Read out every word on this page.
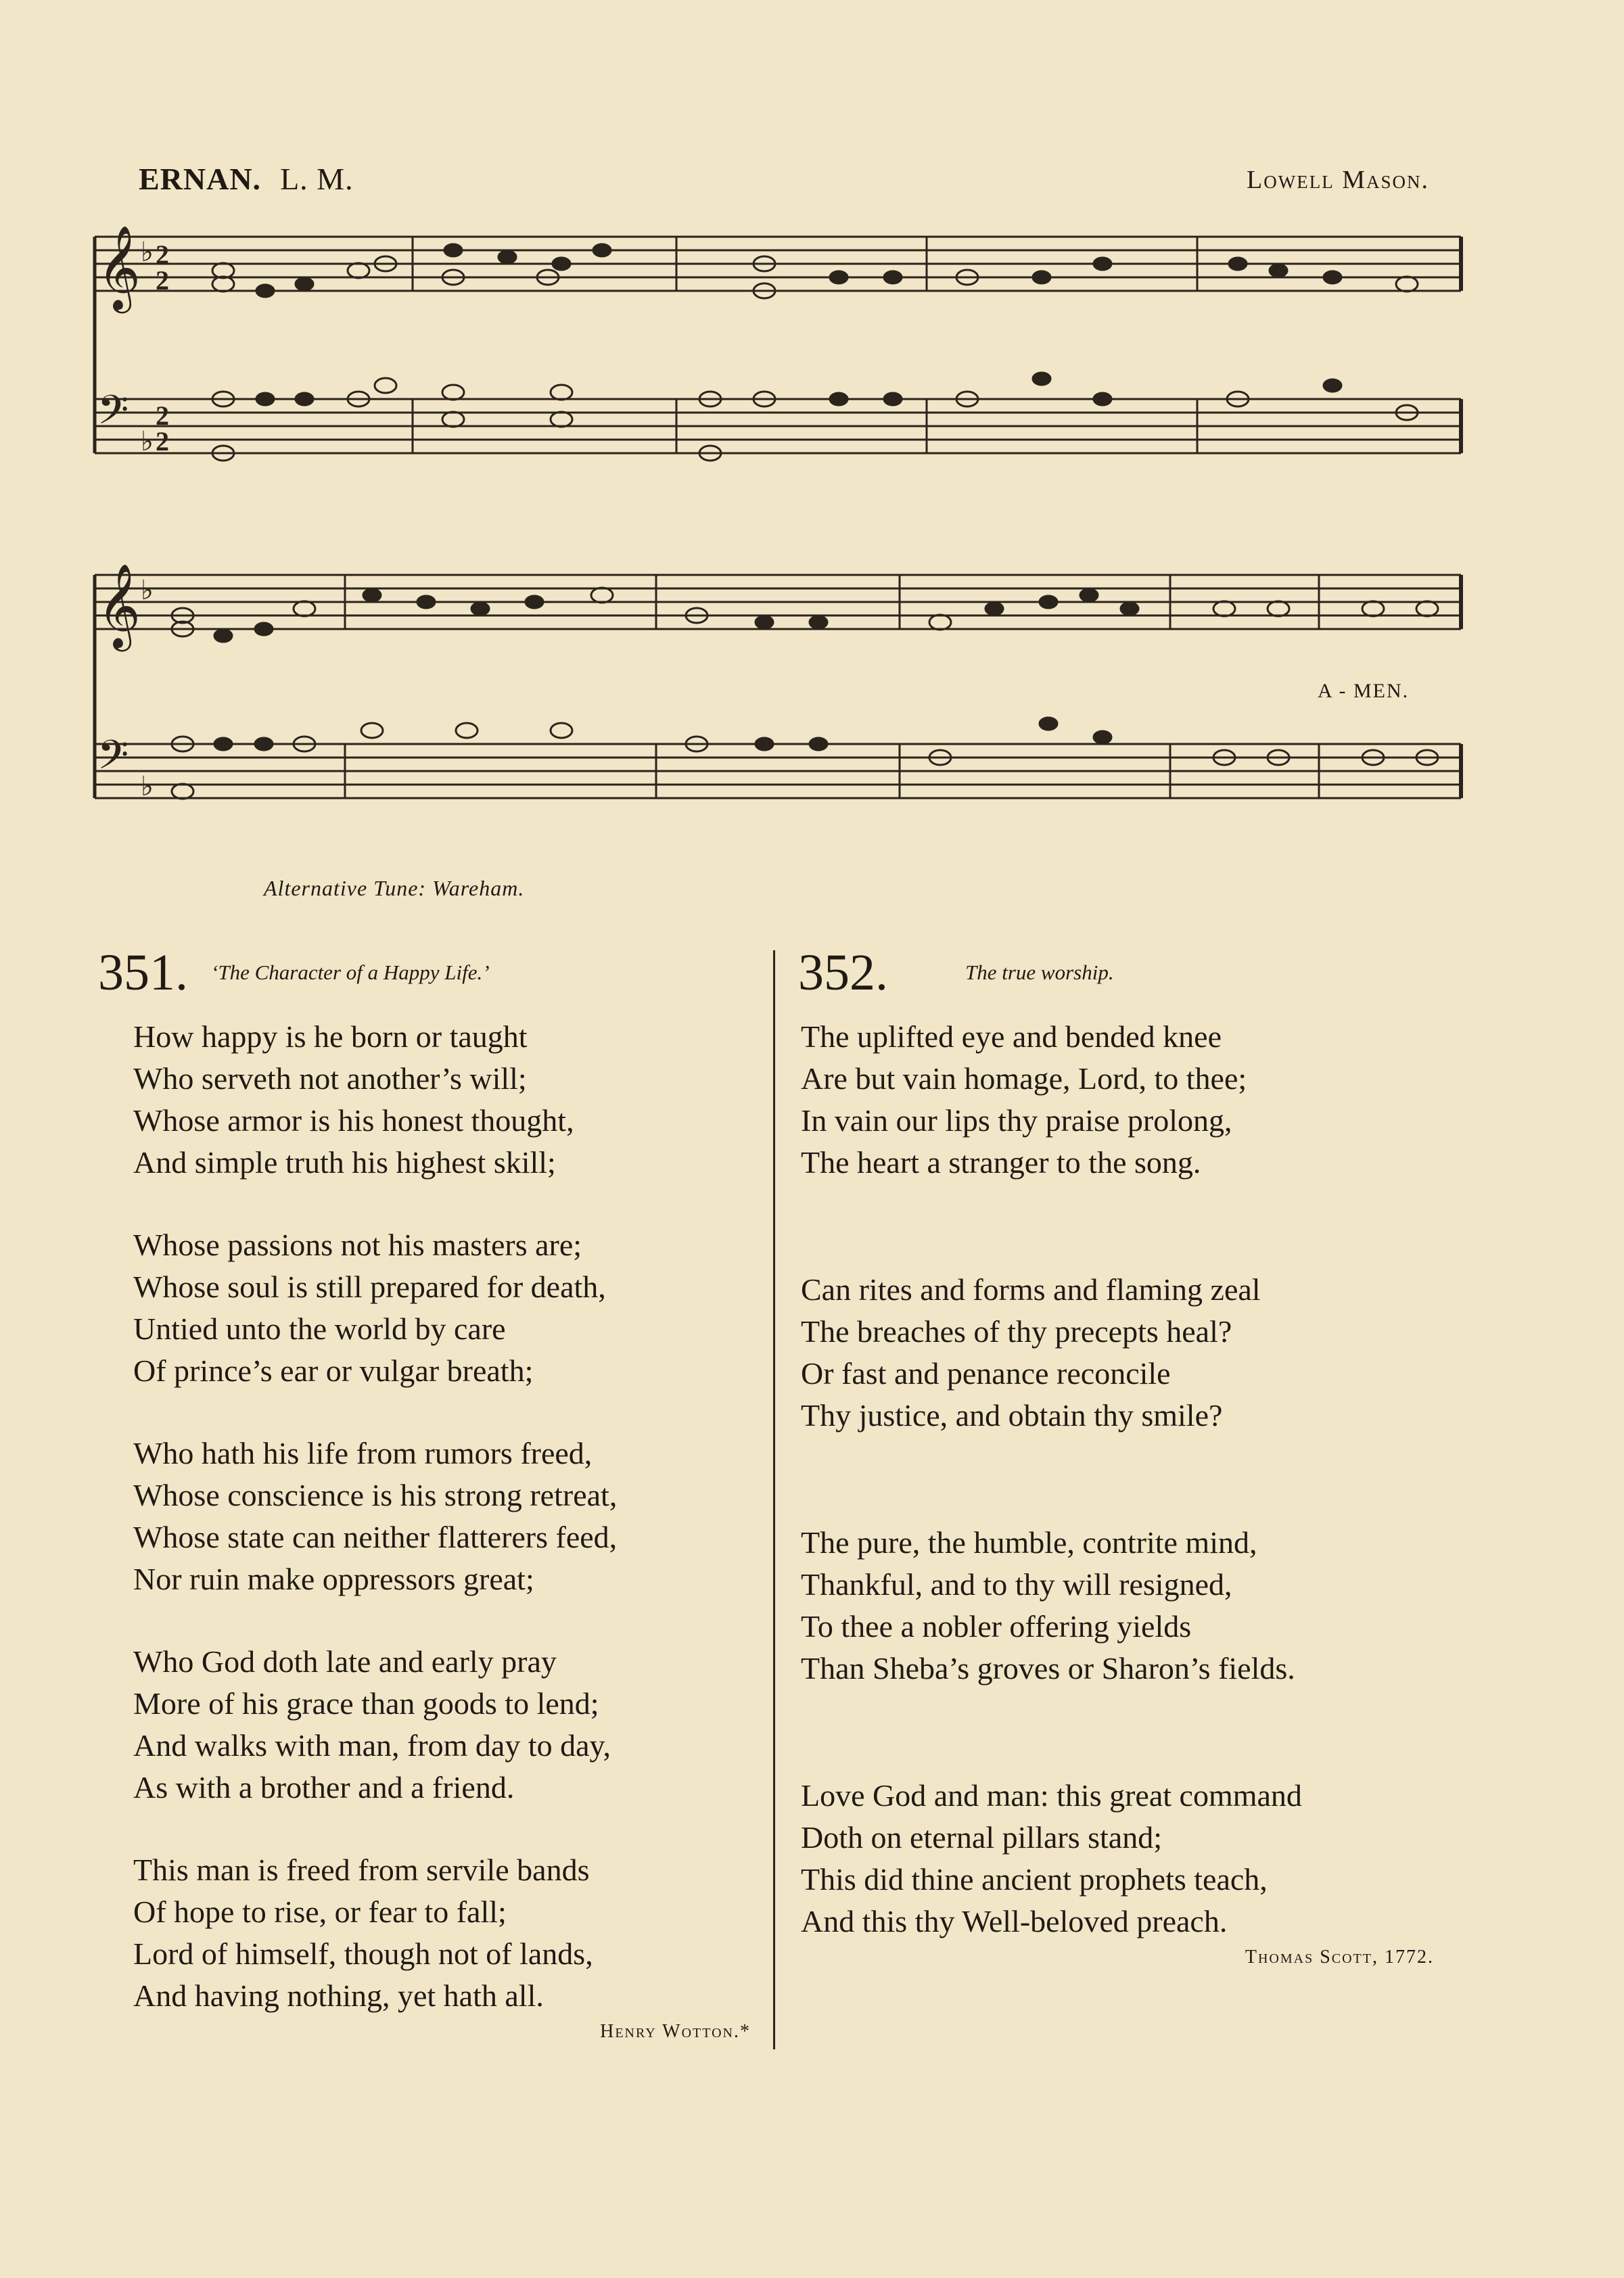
ERNAN. L. M.	Lowell Mason.
𝄞
𝄢
♭
♭
2
2
2
2
𝄞
𝄢
♭
♭
A - MEN.
Alternative Tune: Wareham.
351. ‘The Character of a Happy Life.’
How happy is he born or taught
Who serveth not another’s will;
Whose armor is his honest thought,
And simple truth his highest skill;
Whose passions not his masters are;
Whose soul is still prepared for death,
Untied unto the world by care
Of prince’s ear or vulgar breath;
Who hath his life from rumors freed,
Whose conscience is his strong retreat,
Whose state can neither flatterers feed,
Nor ruin make oppressors great;
Who God doth late and early pray
More of his grace than goods to lend;
And walks with man, from day to day,
As with a brother and a friend.
This man is freed from servile bands
Of hope to rise, or fear to fall;
Lord of himself, though not of lands,
And having nothing, yet hath all.
Henry Wotton.*
352.	The true worship.
The uplifted eye and bended knee
Are but vain homage, Lord, to thee;
In vain our lips thy praise prolong,
The heart a stranger to the song.
Can rites and forms and flaming zeal
The breaches of thy precepts heal?
Or fast and penance reconcile
Thy justice, and obtain thy smile?
The pure, the humble, contrite mind,
Thankful, and to thy will resigned,
To thee a nobler offering yields
Than Sheba’s groves or Sharon’s fields.
Love God and man: this great command
Doth on eternal pillars stand;
This did thine ancient prophets teach,
And this thy Well-beloved preach.
Thomas Scott, 1772.
